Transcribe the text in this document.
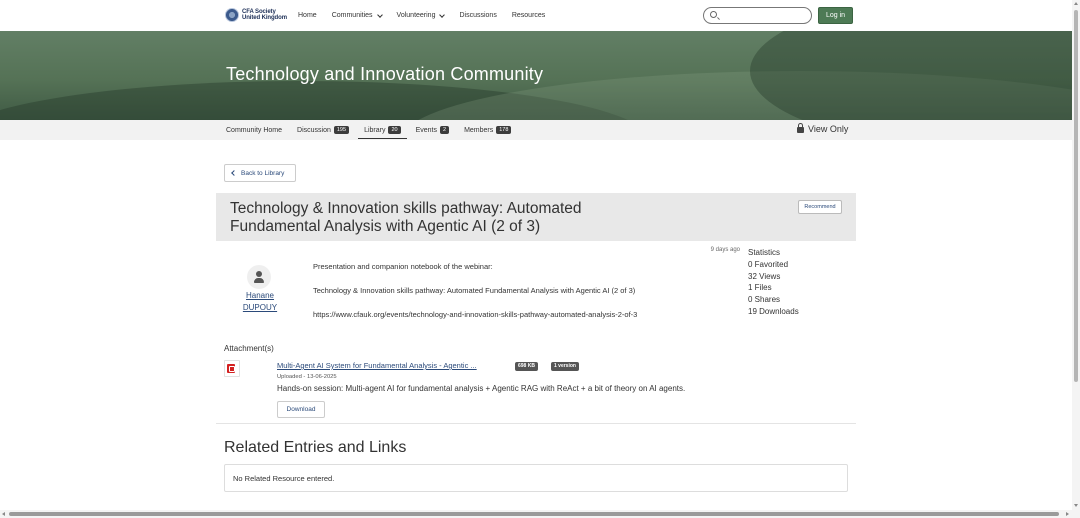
CFA Society
United Kingdom Home Communities	Volunteering	Discussions Resources	Log in
Technology and Innovation Community
Community Home Discussion	195	Library	20	Events	2	Members	178	View Only
Back to Library
Technology & Innovation skills pathway: Automated Fundamental Analysis with Agentic AI (2 of 3)
Recommend
Hanane
DUPOUY
Presentation and companion notebook of the webinar:
Technology & Innovation skills pathway: Automated Fundamental Analysis with Agentic AI (2 of 3)
https://www.cfauk.org/events/technology-and-innovation-skills-pathway-automated-analysis-2-of-3
9 days ago Statistics
0 Favorited
32 Views
1 Files
0 Shares
19 Downloads
Attachment(s)
Multi-Agent AI System for Fundamental Analysis - Agentic ...	698 KB	1 version
Uploaded - 13-06-2025
Hands-on session: Multi-agent AI for fundamental analysis + Agentic RAG with ReAct + a bit of theory on AI agents.
Download
Related Entries and Links
No Related Resource entered.
